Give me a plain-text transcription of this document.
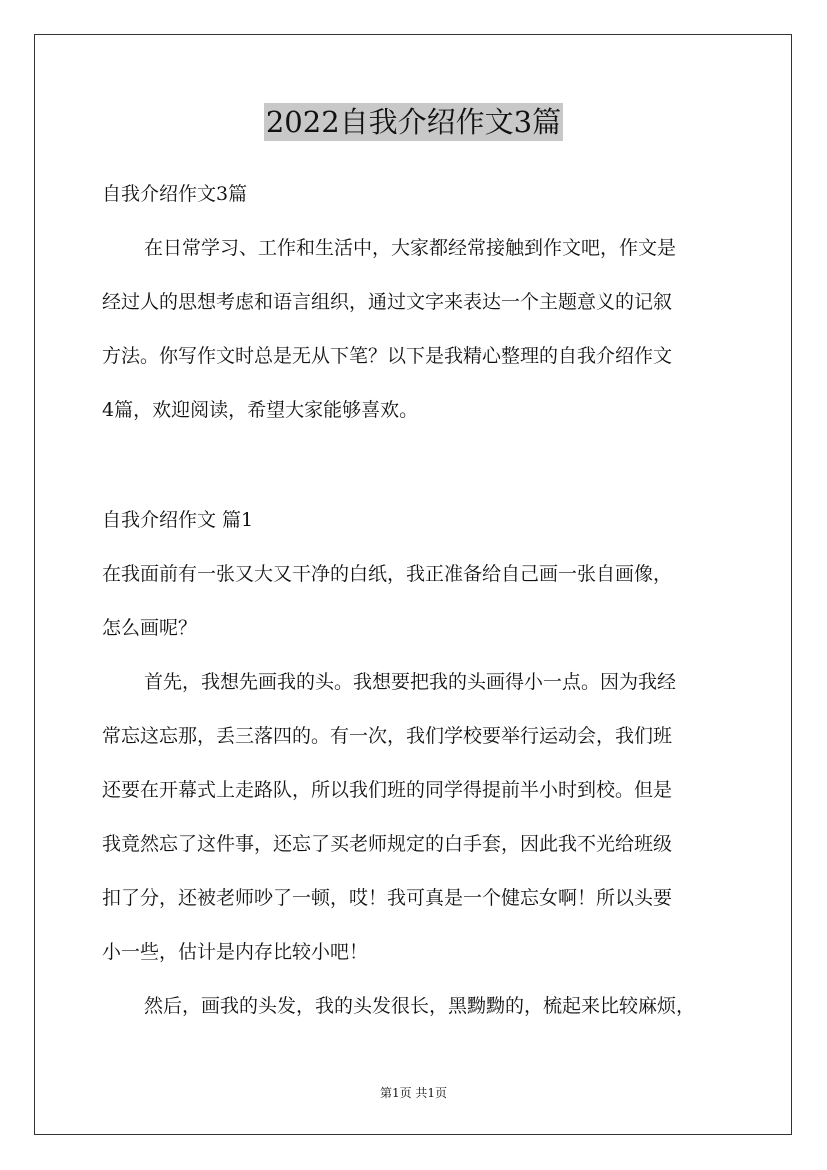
2022自我介绍作文3篇
自我介绍作文3篇
在日常学习、工作和生活中，大家都经常接触到作文吧，作文是
经过人的思想考虑和语言组织，通过文字来表达一个主题意义的记叙
方法。你写作文时总是无从下笔？以下是我精心整理的自我介绍作文
4篇，欢迎阅读，希望大家能够喜欢。
自我介绍作文 篇1
在我面前有一张又大又干净的白纸，我正准备给自己画一张自画像，
怎么画呢？
首先，我想先画我的头。我想要把我的头画得小一点。因为我经
常忘这忘那，丢三落四的。有一次，我们学校要举行运动会，我们班
还要在开幕式上走路队，所以我们班的同学得提前半小时到校。但是
我竟然忘了这件事，还忘了买老师规定的白手套，因此我不光给班级
扣了分，还被老师吵了一顿，哎！我可真是一个健忘女啊！所以头要
小一些，估计是内存比较小吧！
然后，画我的头发，我的头发很长，黑黝黝的，梳起来比较麻烦，
第1页 共1页
